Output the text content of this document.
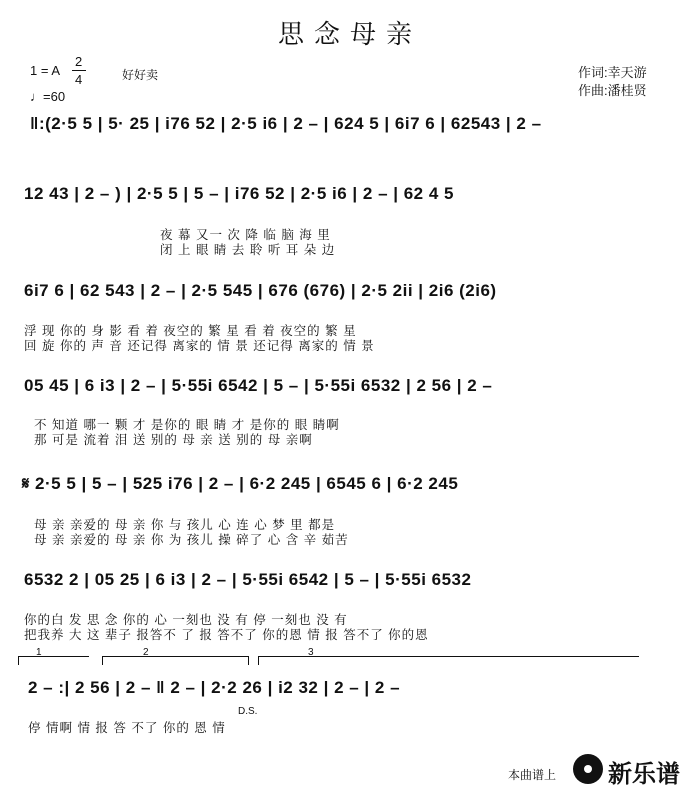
思念母亲
1 = A
2
4	好好卖
♩=60
作词:幸天游
作曲:潘桂贤
‖:(2·5 5 | 5· 25 | i76 52 | 2·5 i6 | 2 – | 624 5 | 6i7 6 | 62543 | 2 –
12 43 | 2 – ) | 2·5 5 | 5 – | i76 52 | 2·5 i6 | 2 – | 62 4 5
夜 幕 又一 次 降 临 脑 海 里
闭 上 眼 睛 去 聆 听 耳 朵 边
6i7 6 | 62 543 | 2 – | 2·5 545 | 676 (676) | 2·5 2ii | 2i6 (2i6)
浮 现 你的 身 影 看 着 夜空的 繁 星 看 着 夜空的 繁 星
回 旋 你的 声 音 还记得 离家的 情 景 还记得 离家的 情 景
05 45 | 6 i3 | 2 – | 5·55i 6542 | 5 – | 5·55i 6532 | 2 56 | 2 –
不 知道 哪一 颗 才 是你的 眼 睛 才 是你的 眼 睛啊
那 可是 流着 泪 送 别的 母 亲 送 别的 母 亲啊
𝄋 2·5 5 | 5 – | 525 i76 | 2 – | 6·2 245 | 6545 6 | 6·2 245
母 亲 亲爱的 母 亲 你 与 孩儿 心 连 心 梦 里 都是
母 亲 亲爱的 母 亲 你 为 孩儿 操 碎了 心 含 辛 茹苦
6532 2 | 05 25 | 6 i3 | 2 – | 5·55i 6542 | 5 – | 5·55i 6532
你的白 发 思 念 你的 心 一刻也 没 有 停 一刻也 没 有
把我养 大 这 辈子 报答不 了 报 答不了 你的恩 情 报 答不了 你的恩
1	2	3
2 – :| 2 56 | 2 – ‖ 2 – | 2·2 26 | i2 32 | 2 – | 2 –
D.S.
停 情啊 情 报 答 不了 你的 恩 情
本曲谱上 新乐谱
